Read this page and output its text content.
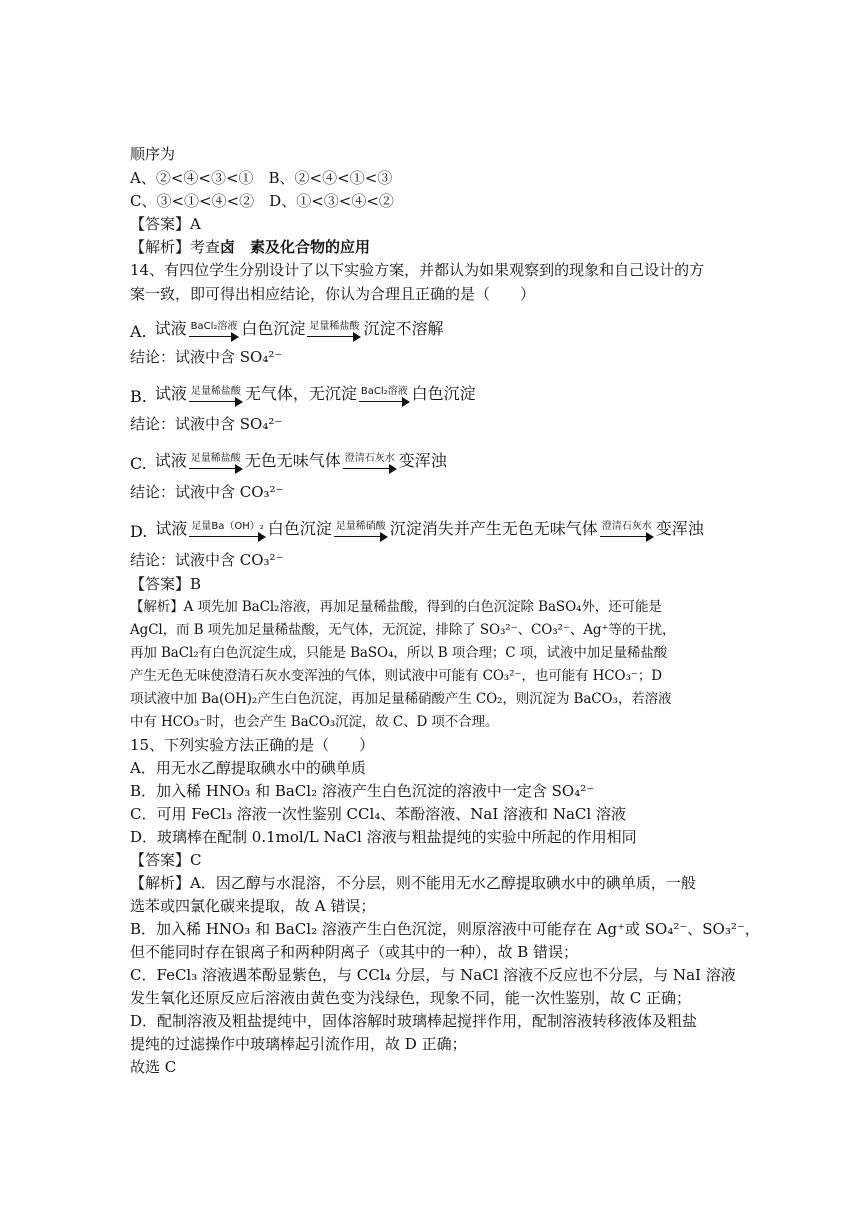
顺序为
A、②<④<③<①　B、②<④<①<③
C、③<①<④<②　D、①<③<④<②
【答案】A
【解析】考查卤　素及化合物的应用
14、有四位学生分别设计了以下实验方案，并都认为如果观察到的现象和自己设计的方
案一致，即可得出相应结论，你认为合理且正确的是（　　）
A. 试液 BaCl₂溶液 白色沉淀 足量稀盐酸 沉淀不溶解
结论：试液中含 SO₄²⁻
B. 试液 足量稀盐酸 无气体，无沉淀 BaCl₂溶液 白色沉淀
结论：试液中含 SO₄²⁻
C. 试液 足量稀盐酸 无色无味气体 澄清石灰水 变浑浊
结论：试液中含 CO₃²⁻
D. 试液 足量Ba（OH）₂ 白色沉淀 足量稀硝酸 沉淀消失并产生无色无味气体 澄清石灰水 变浑浊
结论：试液中含 CO₃²⁻
【答案】B
【解析】A 项先加 BaCl₂溶液，再加足量稀盐酸，得到的白色沉淀除 BaSO₄外，还可能是
AgCl，而 B 项先加足量稀盐酸，无气体，无沉淀，排除了 SO₃²⁻、CO₃²⁻、Ag⁺等的干扰，
再加 BaCl₂有白色沉淀生成，只能是 BaSO₄，所以 B 项合理；C 项，试液中加足量稀盐酸
产生无色无味使澄清石灰水变浑浊的气体，则试液中可能有 CO₃²⁻，也可能有 HCO₃⁻；D
项试液中加 Ba(OH)₂产生白色沉淀，再加足量稀硝酸产生 CO₂，则沉淀为 BaCO₃，若溶液
中有 HCO₃⁻时，也会产生 BaCO₃沉淀，故 C、D 项不合理。
15、下列实验方法正确的是（　　）
A．用无水乙醇提取碘水中的碘单质
B．加入稀 HNO₃ 和 BaCl₂ 溶液产生白色沉淀的溶液中一定含 SO₄²⁻
C．可用 FeCl₃ 溶液一次性鉴别 CCl₄、苯酚溶液、NaI 溶液和 NaCl 溶液
D．玻璃棒在配制 0.1mol/L NaCl 溶液与粗盐提纯的实验中所起的作用相同
【答案】C
【解析】A．因乙醇与水混溶，不分层，则不能用无水乙醇提取碘水中的碘单质，一般
选苯或四氯化碳来提取，故 A 错误；
B．加入稀 HNO₃ 和 BaCl₂ 溶液产生白色沉淀，则原溶液中可能存在 Ag⁺或 SO₄²⁻、SO₃²⁻，
但不能同时存在银离子和两种阴离子（或其中的一种），故 B 错误；
C．FeCl₃ 溶液遇苯酚显紫色，与 CCl₄ 分层，与 NaCl 溶液不反应也不分层，与 NaI 溶液
发生氧化还原反应后溶液由黄色变为浅绿色，现象不同，能一次性鉴别，故 C 正确；
D．配制溶液及粗盐提纯中，固体溶解时玻璃棒起搅拌作用，配制溶液转移液体及粗盐
提纯的过滤操作中玻璃棒起引流作用，故 D 正确；
故选 C
